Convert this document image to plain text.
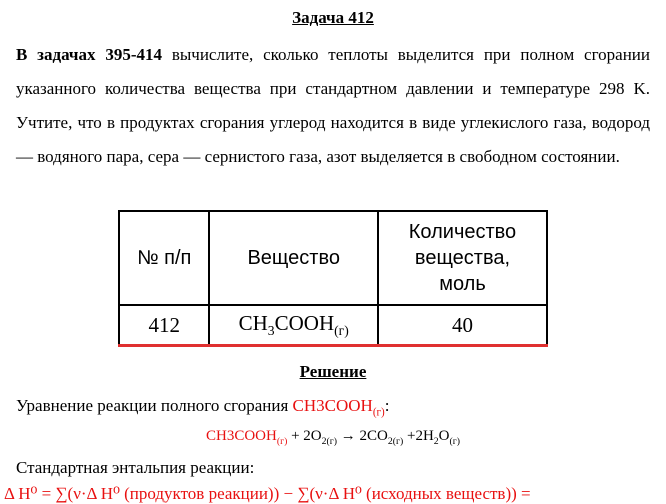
Задача 412
В задачах 395-414 вычислите, сколько теплоты выделится при полном сгорании указанного количества вещества при стандартном давлении и температуре 298 K. Учтите, что в продуктах сгорания углерод находится в виде углекислого газа, водород — водяного пара, сера — сернистого газа, азот выделяется в свободном состоянии.
№ п/п	Вещество	Количество вещества, моль
412	$CH_3COOH_{(г)}$	40
Решение
Уравнение реакции полного сгорания $CH3COOH_{(г)}$:
$CH3COOH_{(г)} + 2O_{2(г)} \to 2CO_{2(г)} +2H_2O_{(г)}$
Стандартная энтальпия реакции:
Δ H⁰ = ∑(ν·Δ H⁰ (продуктов реакции)) − ∑(ν·Δ H⁰ (исходных веществ)) =
